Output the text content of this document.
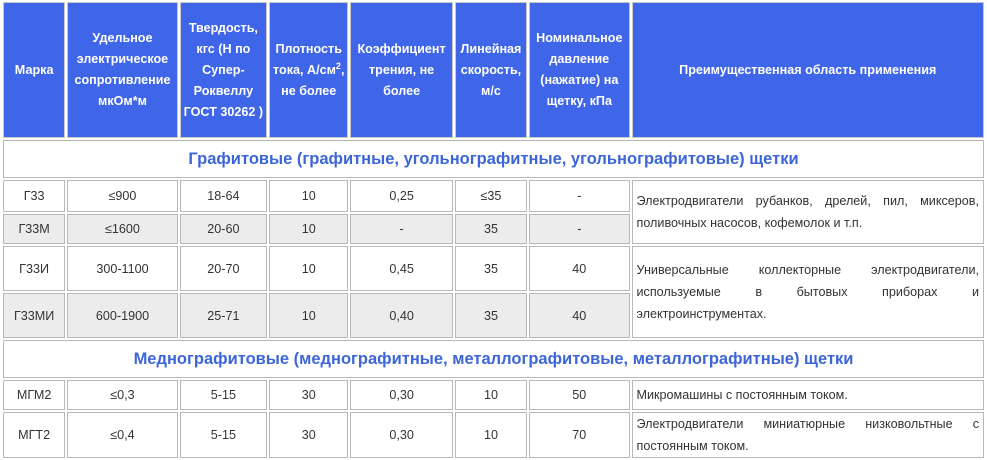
Графитовые (графитные, угольнографитные, угольнографитовые) щетки							
Марка	Удельное электрическое сопротивление мкОм*м	Твердость, кгс (Н по Супер-Роквеллу ГОСТ 30262 )	Плотность тока, $А/см^2$, не более	Коэффициент трения, не более	Линейная скорость, м/с	Номинальное давление (нажатие) на щетку, кПа	Преимущественная область применения
Г33	≤900	18-64	10	0,25	≤35	-	Электродвигатели рубанков, дрелей, пил, миксеров, поливочных насосов, кофемолок и т.п.
Г33М	≤1600	20-60	10	-	35	-	
Г33И	300-1100	20-70	10	0,45	35	40	Универсальные коллекторные электродвигатели, используемые в бытовых приборах и электроинструментах.
Г33МИ	600-1900	25-71	10	0,40	35	40	
Меднографитовые (меднографитные, металлографитовые, металлографитные) щетки							
МГМ2	≤0,3	5-15	30	0,30	10	50	Микромашины с постоянным током.
МГТ2	≤0,4	5-15	30	0,30	10	70	Электродвигатели миниатюрные низковольтные с постоянным током.
